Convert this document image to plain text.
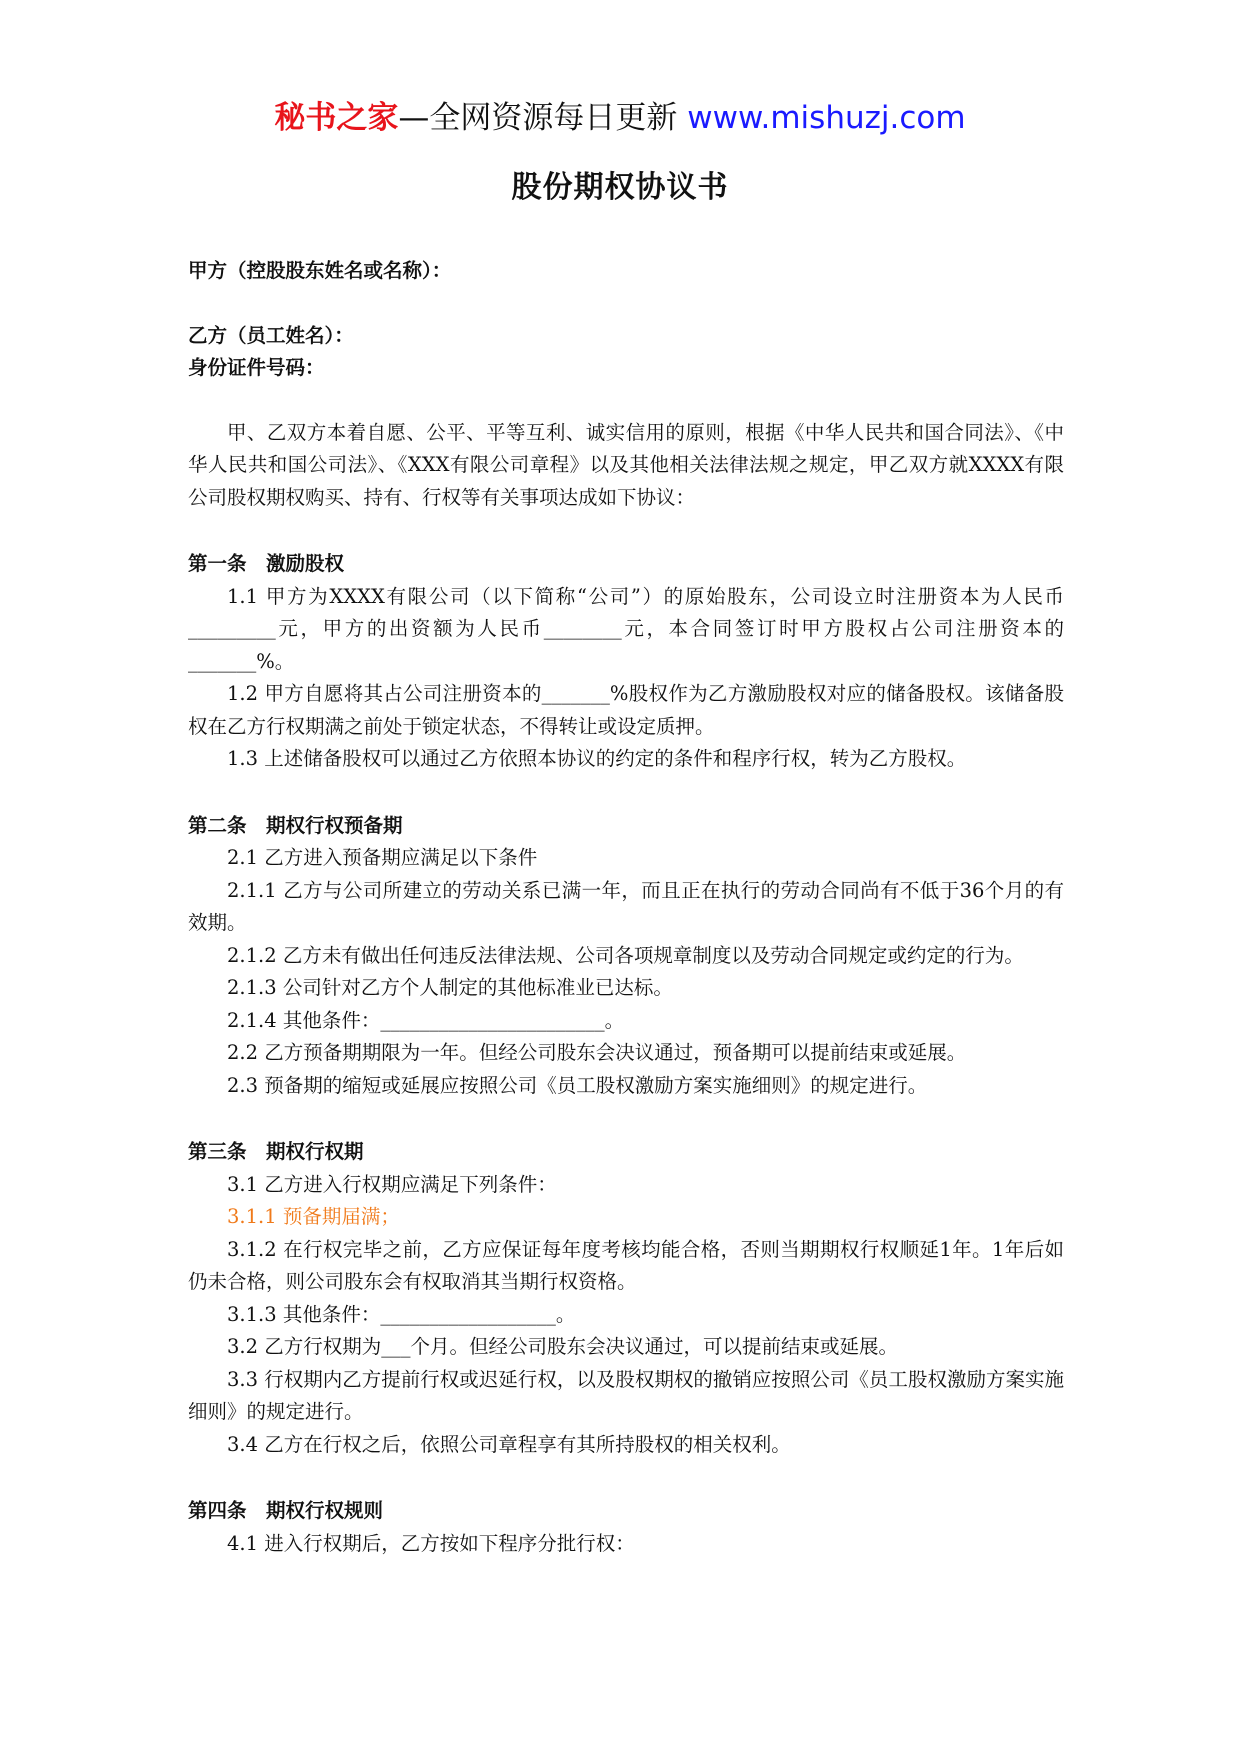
秘书之家—全网资源每日更新 www.mishuzj.com
股份期权协议书

甲方（控股股东姓名或名称）：

乙方（员工姓名）：

身份证件号码：

甲、乙双方本着自愿、公平、平等互利、诚实信用的原则，根据《中华人民共和国合同法》、《中华人民共和国公司法》、《XXX有限公司章程》以及其他相关法律法规之规定，甲乙双方就XXXX有限公司股权期权购买、持有、行权等有关事项达成如下协议：

第一条　激励股权

1.1 甲方为XXXX有限公司（以下简称“公司”）的原始股东，公司设立时注册资本为人民币_________元，甲方的出资额为人民币________元，本合同签订时甲方股权占公司注册资本的_______%。

1.2 甲方自愿将其占公司注册资本的_______%股权作为乙方激励股权对应的储备股权。该储备股权在乙方行权期满之前处于锁定状态，不得转让或设定质押。

1.3 上述储备股权可以通过乙方依照本协议的约定的条件和程序行权，转为乙方股权。

第二条　期权行权预备期

2.1 乙方进入预备期应满足以下条件

2.1.1 乙方与公司所建立的劳动关系已满一年，而且正在执行的劳动合同尚有不低于36个月的有效期。

2.1.2 乙方未有做出任何违反法律法规、公司各项规章制度以及劳动合同规定或约定的行为。

2.1.3 公司针对乙方个人制定的其他标准业已达标。

2.1.4 其他条件：_______________________。

2.2 乙方预备期期限为一年。但经公司股东会决议通过，预备期可以提前结束或延展。

2.3 预备期的缩短或延展应按照公司《员工股权激励方案实施细则》的规定进行。

第三条　期权行权期

3.1 乙方进入行权期应满足下列条件：

3.1.1 预备期届满；

3.1.2 在行权完毕之前，乙方应保证每年度考核均能合格，否则当期期权行权顺延1年。1年后如仍未合格，则公司股东会有权取消其当期行权资格。

3.1.3 其他条件：__________________。

3.2 乙方行权期为___个月。但经公司股东会决议通过，可以提前结束或延展。

3.3 行权期内乙方提前行权或迟延行权，以及股权期权的撤销应按照公司《员工股权激励方案实施细则》的规定进行。

3.4 乙方在行权之后，依照公司章程享有其所持股权的相关权利。

第四条　期权行权规则

4.1 进入行权期后，乙方按如下程序分批行权：
